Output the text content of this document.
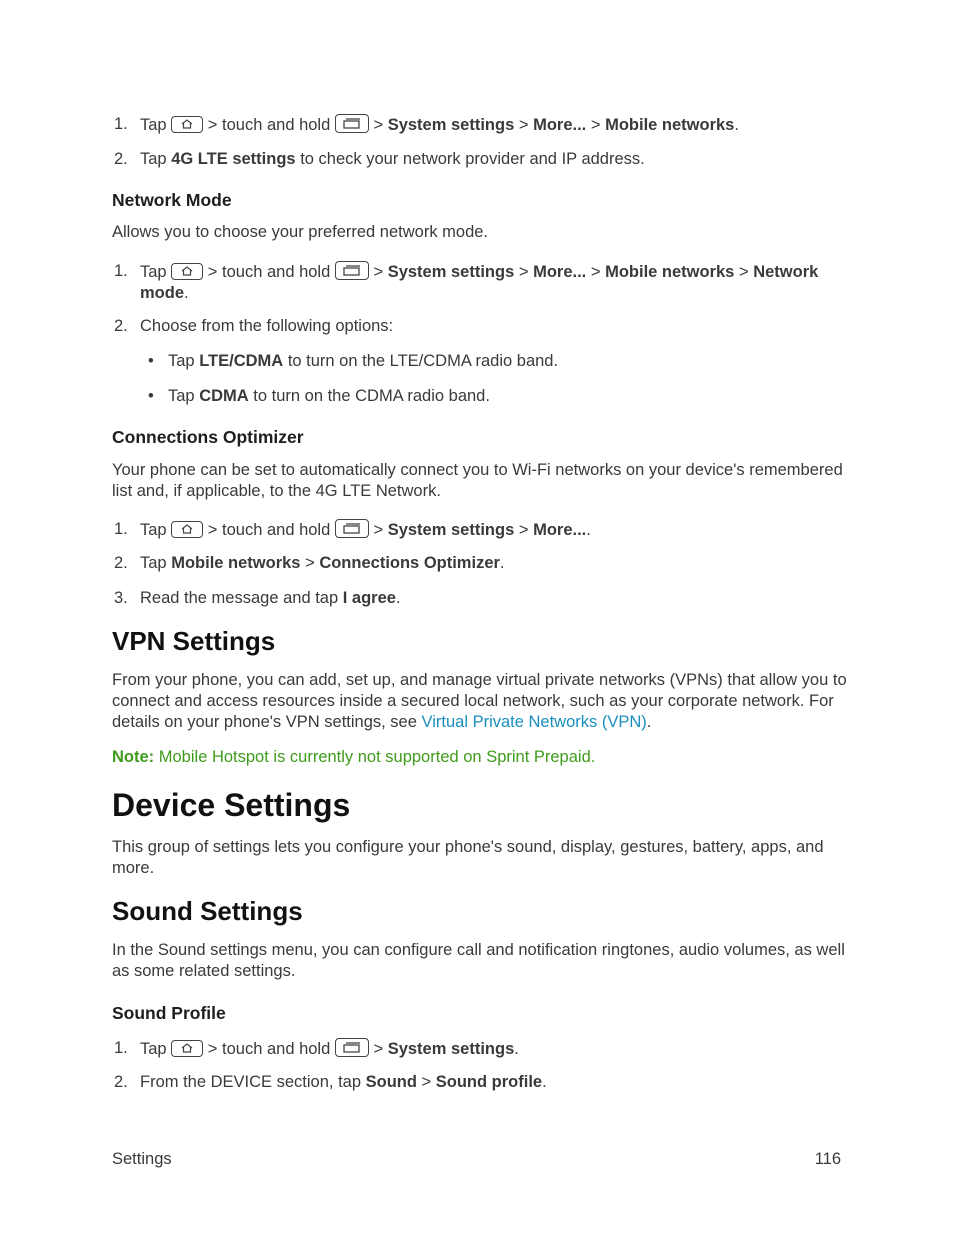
1. Tap > touch and hold	> System settings > More... > Mobile networks.
2. Tap 4G LTE settings to check your network provider and IP address.
Network Mode
Allows you to choose your preferred network mode.
1. Tap > touch and hold	> System settings > More... > Mobile networks > Network mode.
2. Choose from the following options:
• Tap LTE/CDMA to turn on the LTE/CDMA radio band.
• Tap CDMA to turn on the CDMA radio band.
Connections Optimizer
Your phone can be set to automatically connect you to Wi-Fi networks on your device's remembered list and, if applicable, to the 4G LTE Network.
1. Tap > touch and hold	> System settings > More....
2. Tap Mobile networks > Connections Optimizer.
3. Read the message and tap I agree.
VPN Settings
From your phone, you can add, set up, and manage virtual private networks (VPNs) that allow you to connect and access resources inside a secured local network, such as your corporate network. For details on your phone's VPN settings, see Virtual Private Networks (VPN).
Note: Mobile Hotspot is currently not supported on Sprint Prepaid.
Device Settings
This group of settings lets you configure your phone's sound, display, gestures, battery, apps, and more.
Sound Settings
In the Sound settings menu, you can configure call and notification ringtones, audio volumes, as well as some related settings.
Sound Profile
1. Tap > touch and hold	> System settings.
2. From the DEVICE section, tap Sound > Sound profile.
Settings	116
